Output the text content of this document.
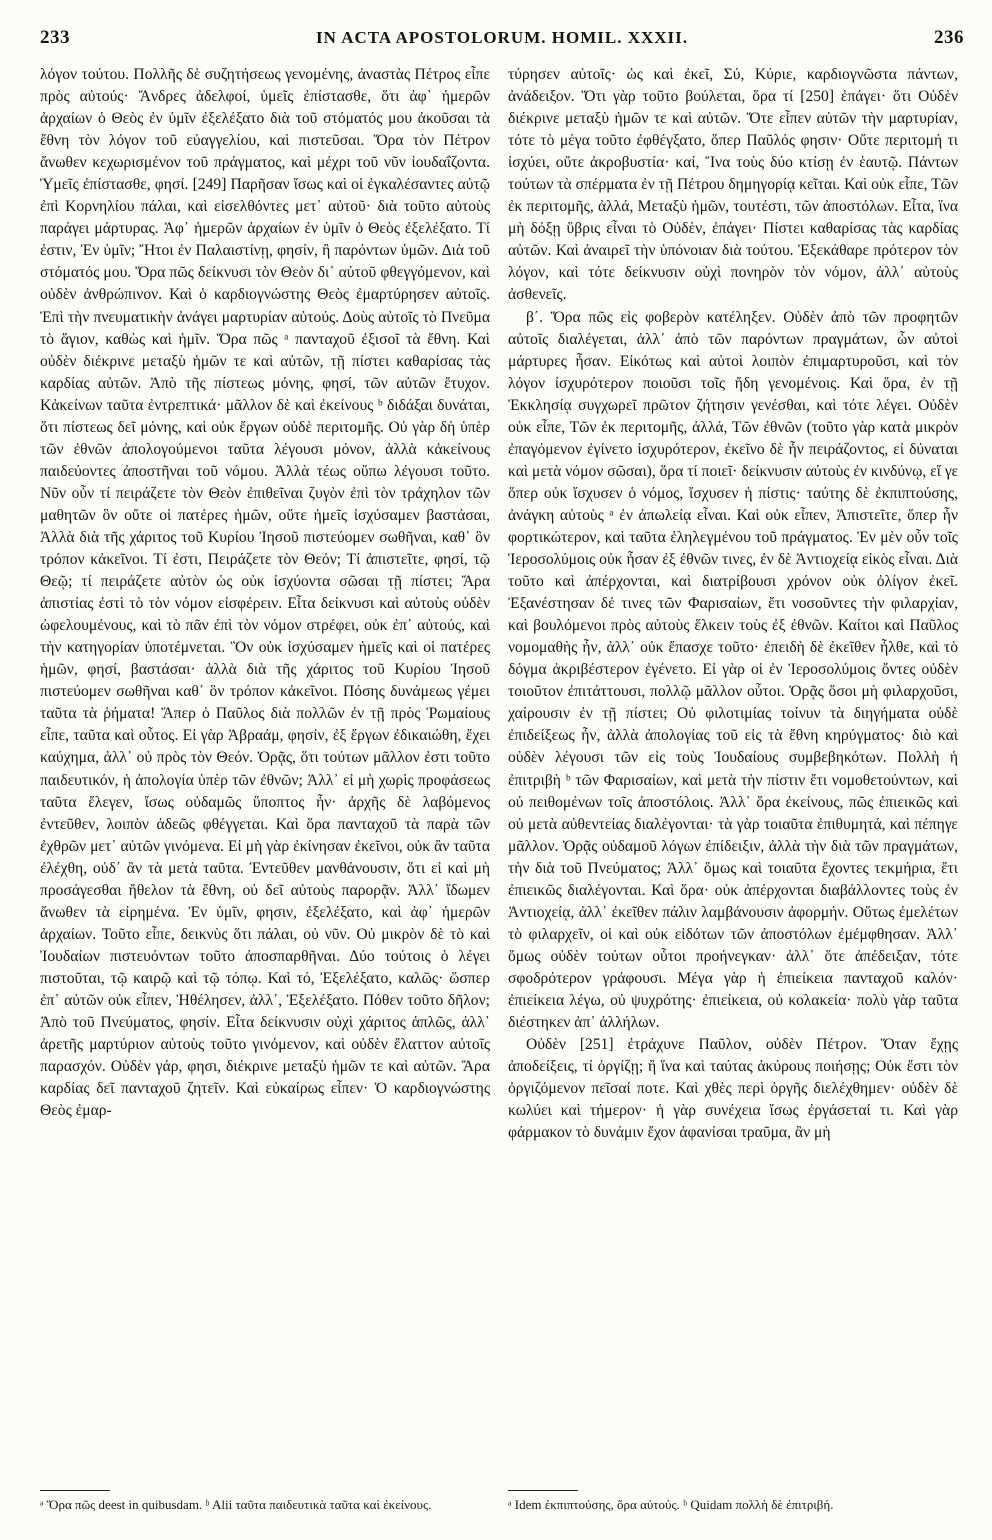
233	IN ACTA APOSTOLORUM. HOMIL. XXXII.	236

λόγον τούτου. Πολλῆς δὲ συζητήσεως γενομένης, ἀναστὰς Πέτρος εἶπε πρὸς αὐτούς· Ἄνδρες ἀδελφοί, ὑμεῖς ἐπίστασθε, ὅτι ἀφ᾽ ἡμερῶν ἀρχαίων ὁ Θεὸς ἐν ὑμῖν ἐξελέξατο διὰ τοῦ στόματός μου ἀκοῦσαι τὰ ἔθνη τὸν λόγον τοῦ εὐαγγελίου, καὶ πιστεῦσαι. Ὅρα τὸν Πέτρον ἄνωθεν κεχωρισμένον τοῦ πράγματος, καὶ μέχρι τοῦ νῦν ἰουδαΐζοντα. Ὑμεῖς ἐπίστασθε, φησί. [249] Παρῆσαν ἴσως καὶ οἱ ἐγκαλέσαντες αὐτῷ ἐπὶ Κορνηλίου πάλαι, καὶ εἰσελθόντες μετ᾽ αὐτοῦ· διὰ τοῦτο αὐτοὺς παράγει μάρτυρας. Ἀφ᾽ ἡμερῶν ἀρχαίων ἐν ὑμῖν ὁ Θεὸς ἐξελέξατο. Τί ἐστιν, Ἐν ὑμῖν; Ἤτοι ἐν Παλαιστίνῃ, φησίν, ἢ παρόντων ὑμῶν. Διὰ τοῦ στόματός μου. Ὅρα πῶς δείκνυσι τὸν Θεὸν δι᾽ αὐτοῦ φθεγγόμενον, καὶ οὐδὲν ἀνθρώπινον. Καὶ ὁ καρδιογνώστης Θεὸς ἐμαρτύρησεν αὐτοῖς. Ἐπὶ τὴν πνευματικὴν ἀνάγει μαρτυρίαν αὐτούς. Δοὺς αὐτοῖς τὸ Πνεῦμα τὸ ἅγιον, καθὼς καὶ ἡμῖν. Ὅρα πῶς ᵃ πανταχοῦ ἐξισοῖ τὰ ἔθνη. Καὶ οὐδὲν διέκρινε μεταξὺ ἡμῶν τε καὶ αὐτῶν, τῇ πίστει καθαρίσας τὰς καρδίας αὐτῶν. Ἀπὸ τῆς πίστεως μόνης, φησί, τῶν αὐτῶν ἔτυχον. Κἀκείνων ταῦτα ἐντρεπτικά· μᾶλλον δὲ καὶ ἐκείνους ᵇ διδάξαι δυνάται, ὅτι πίστεως δεῖ μόνης, καὶ οὐκ ἔργων οὐδὲ περιτομῆς. Οὐ γὰρ δὴ ὑπὲρ τῶν ἐθνῶν ἀπολογούμενοι ταῦτα λέγουσι μόνον, ἀλλὰ κἀκείνους παιδεύοντες ἀποστῆναι τοῦ νόμου. Ἀλλὰ τέως οὕπω λέγουσι τοῦτο. Νῦν οὖν τί πειράζετε τὸν Θεὸν ἐπιθεῖναι ζυγὸν ἐπὶ τὸν τράχηλον τῶν μαθητῶν ὃν οὔτε οἱ πατέρες ἡμῶν, οὔτε ἡμεῖς ἰσχύσαμεν βαστάσαι, Ἀλλὰ διὰ τῆς χάριτος τοῦ Κυρίου Ἰησοῦ πιστεύομεν σωθῆναι, καθ᾽ ὃν τρόπον κἀκεῖνοι. Τί ἐστι, Πειράζετε τὸν Θεόν; Τί ἀπιστεῖτε, φησί, τῷ Θεῷ; τί πειράζετε αὐτὸν ὡς οὐκ ἰσχύοντα σῶσαι τῇ πίστει; Ἄρα ἀπιστίας ἐστὶ τὸ τὸν νόμον εἰσφέρειν. Εἶτα δείκνυσι καὶ αὐτοὺς οὐδὲν ὠφελουμένους, καὶ τὸ πᾶν ἐπὶ τὸν νόμον στρέφει, οὐκ ἐπ᾽ αὐτούς, καὶ τὴν κατηγορίαν ὑποτέμνεται. Ὃν οὐκ ἰσχύσαμεν ἡμεῖς καὶ οἱ πατέρες ἡμῶν, φησί, βαστάσαι· ἀλλὰ διὰ τῆς χάριτος τοῦ Κυρίου Ἰησοῦ πιστεύομεν σωθῆναι καθ᾽ ὃν τρόπον κἀκεῖνοι. Πόσης δυνάμεως γέμει ταῦτα τὰ ῥήματα! Ἅπερ ὁ Παῦλος διὰ πολλῶν ἐν τῇ πρὸς Ῥωμαίους εἶπε, ταῦτα καὶ οὗτος. Εἰ γὰρ Ἀβραάμ, φησίν, ἐξ ἔργων ἐδικαιώθη, ἔχει καύχημα, ἀλλ᾽ οὐ πρὸς τὸν Θεόν. Ὁρᾷς, ὅτι τούτων μᾶλλον ἐστι τοῦτο παιδευτικόν, ἡ ἀπολογία ὑπὲρ τῶν ἐθνῶν; Ἀλλ᾽ εἰ μὴ χωρὶς προφάσεως ταῦτα ἔλεγεν, ἴσως οὐδαμῶς ὕποπτος ἦν· ἀρχῆς δὲ λαβόμενος ἐντεῦθεν, λοιπὸν ἀδεῶς φθέγγεται. Καὶ ὅρα πανταχοῦ τὰ παρὰ τῶν ἐχθρῶν μετ᾽ αὐτῶν γινόμενα. Εἰ μὴ γὰρ ἐκίνησαν ἐκεῖνοι, οὐκ ἂν ταῦτα ἐλέχθη, οὐδ᾽ ἂν τὰ μετὰ ταῦτα. Ἐντεῦθεν μανθάνουσιν, ὅτι εἰ καὶ μὴ προσάγεσθαι ἤθελον τὰ ἔθνη, οὐ δεῖ αὐτοὺς παρορᾷν. Ἀλλ᾽ ἴδωμεν ἄνωθεν τὰ εἰρημένα. Ἐν ὑμῖν, φησιν, ἐξελέξατο, καὶ ἀφ᾽ ἡμερῶν ἀρχαίων. Τοῦτο εἶπε, δεικνὺς ὅτι πάλαι, οὐ νῦν. Οὐ μικρὸν δὲ τὸ καὶ Ἰουδαίων πιστευόντων τοῦτο ἀποσπαρθῆναι. Δύο τούτοις ὁ λέγει πιστοῦται, τῷ καιρῷ καὶ τῷ τόπῳ. Καὶ τό, Ἐξελέξατο, καλῶς· ὥσπερ ἐπ᾽ αὐτῶν οὐκ εἶπεν, Ἠθέλησεν, ἀλλ᾽, Ἐξελέξατο. Πόθεν τοῦτο δῆλον; Ἀπὸ τοῦ Πνεύματος, φησίν. Εἶτα δείκνυσιν οὐχὶ χάριτος ἁπλῶς, ἀλλ᾽ ἀρετῆς μαρτύριον αὐτοὺς τοῦτο γινόμενον, καὶ οὐδὲν ἔλαττον αὐτοῖς παρασχόν. Οὐδὲν γάρ, φησι, διέκρινε μεταξὺ ἡμῶν τε καὶ αὐτῶν. Ἄρα καρδίας δεῖ πανταχοῦ ζητεῖν. Καὶ εὐκαίρως εἶπεν· Ὁ καρδιογνώστης Θεὸς ἐμαρ-

τύρησεν αὐτοῖς· ὡς καὶ ἐκεῖ, Σύ, Κύριε, καρδιογνῶστα πάντων, ἀνάδειξον. Ὅτι γὰρ τοῦτο βούλεται, ὅρα τί [250] ἐπάγει· ὅτι Οὐδὲν διέκρινε μεταξὺ ἡμῶν τε καὶ αὐτῶν. Ὅτε εἶπεν αὐτῶν τὴν μαρτυρίαν, τότε τὸ μέγα τοῦτο ἐφθέγξατο, ὅπερ Παῦλός φησιν· Οὔτε περιτομή τι ἰσχύει, οὔτε ἀκροβυστία· καί, Ἵνα τοὺς δύο κτίσῃ ἐν ἑαυτῷ. Πάντων τούτων τὰ σπέρματα ἐν τῇ Πέτρου δημηγορίᾳ κεῖται. Καὶ οὐκ εἶπε, Τῶν ἐκ περιτομῆς, ἀλλά, Μεταξὺ ἡμῶν, τουτέστι, τῶν ἀποστόλων. Εἶτα, ἵνα μὴ δόξῃ ὕβρις εἶναι τὸ Οὐδὲν, ἐπάγει· Πίστει καθαρίσας τὰς καρδίας αὐτῶν. Καὶ ἀναιρεῖ τὴν ὑπόνοιαν διὰ τούτου. Ἐξεκάθαρε πρότερον τὸν λόγον, καὶ τότε δείκνυσιν οὐχὶ πονηρὸν τὸν νόμον, ἀλλ᾽ αὐτοὺς ἀσθενεῖς.

β΄. Ὅρα πῶς εἰς φοβερὸν κατέληξεν. Οὐδὲν ἀπὸ τῶν προφητῶν αὐτοῖς διαλέγεται, ἀλλ᾽ ἀπὸ τῶν παρόντων πραγμάτων, ὧν αὐτοὶ μάρτυρες ἦσαν. Εἰκότως καὶ αὐτοὶ λοιπὸν ἐπιμαρτυροῦσι, καὶ τὸν λόγον ἰσχυρότερον ποιοῦσι τοῖς ἤδη γενομένοις. Καὶ ὅρα, ἐν τῇ Ἐκκλησίᾳ συγχωρεῖ πρῶτον ζήτησιν γενέσθαι, καὶ τότε λέγει. Οὐδὲν οὐκ εἶπε, Τῶν ἐκ περιτομῆς, ἀλλά, Τῶν ἐθνῶν (τοῦτο γὰρ κατὰ μικρὸν ἐπαγόμενον ἐγίνετο ἰσχυρότερον, ἐκεῖνο δὲ ἦν πειράζοντος, εἰ δύναται καὶ μετὰ νόμον σῶσαι), ὅρα τί ποιεῖ· δείκνυσιν αὐτοὺς ἐν κινδύνῳ, εἴ γε ὅπερ οὐκ ἴσχυσεν ὁ νόμος, ἴσχυσεν ἡ πίστις· ταύτης δὲ ἐκπιπτούσης, ἀνάγκη αὐτοὺς ᵃ ἐν ἀπωλείᾳ εἶναι. Καὶ οὐκ εἶπεν, Ἀπιστεῖτε, ὅπερ ἦν φορτικώτερον, καὶ ταῦτα ἐληλεγμένου τοῦ πράγματος. Ἐν μὲν οὖν τοῖς Ἱεροσολύμοις οὐκ ἦσαν ἐξ ἐθνῶν τινες, ἐν δὲ Ἀντιοχείᾳ εἰκὸς εἶναι. Διὰ τοῦτο καὶ ἀπέρχονται, καὶ διατρίβουσι χρόνον οὐκ ὀλίγον ἐκεῖ. Ἐξανέστησαν δέ τινες τῶν Φαρισαίων, ἔτι νοσοῦντες τὴν φιλαρχίαν, καὶ βουλόμενοι πρὸς αὐτοὺς ἕλκειν τοὺς ἐξ ἐθνῶν. Καίτοι καὶ Παῦλος νομομαθὴς ἦν, ἀλλ᾽ οὐκ ἔπασχε τοῦτο· ἐπειδὴ δὲ ἐκεῖθεν ἦλθε, καὶ τὸ δόγμα ἀκριβέστερον ἐγένετο. Εἰ γὰρ οἱ ἐν Ἱεροσολύμοις ὄντες οὐδὲν τοιοῦτον ἐπιτάττουσι, πολλῷ μᾶλλον οὗτοι. Ὁρᾷς ὅσοι μὴ φιλαρχοῦσι, χαίρουσιν ἐν τῇ πίστει; Οὐ φιλοτιμίας τοίνυν τὰ διηγήματα οὐδὲ ἐπιδείξεως ἦν, ἀλλὰ ἀπολογίας τοῦ εἰς τὰ ἔθνη κηρύγματος· διὸ καὶ οὐδὲν λέγουσι τῶν εἰς τοὺς Ἰουδαίους συμβεβηκότων. Πολλὴ ἡ ἐπιτριβὴ ᵇ τῶν Φαρισαίων, καὶ μετὰ τὴν πίστιν ἔτι νομοθετούντων, καὶ οὐ πειθομένων τοῖς ἀποστόλοις. Ἀλλ᾽ ὅρα ἐκείνους, πῶς ἐπιεικῶς καὶ οὐ μετὰ αὐθεντείας διαλέγονται· τὰ γὰρ τοιαῦτα ἐπιθυμητά, καὶ πέπηγε μᾶλλον. Ὁρᾷς οὐδαμοῦ λόγων ἐπίδειξιν, ἀλλὰ τὴν διὰ τῶν πραγμάτων, τὴν διὰ τοῦ Πνεύματος; Ἀλλ᾽ ὅμως καὶ τοιαῦτα ἔχοντες τεκμήρια, ἔτι ἐπιεικῶς διαλέγονται. Καὶ ὅρα· οὐκ ἀπέρχονται διαβάλλοντες τοὺς ἐν Ἀντιοχείᾳ, ἀλλ᾽ ἐκεῖθεν πάλιν λαμβάνουσιν ἀφορμήν. Οὕτως ἐμελέτων τὸ φιλαρχεῖν, οἱ καὶ οὐκ εἰδότων τῶν ἀποστόλων ἐμέμφθησαν. Ἀλλ᾽ ὅμως οὐδὲν τούτων οὗτοι προήνεγκαν· ἀλλ᾽ ὅτε ἀπέδειξαν, τότε σφοδρότερον γράφουσι. Μέγα γὰρ ἡ ἐπιείκεια πανταχοῦ καλόν· ἐπιείκεια λέγω, οὐ ψυχρότης· ἐπιείκεια, οὐ κολακεία· πολὺ γὰρ ταῦτα διέστηκεν ἀπ᾽ ἀλλήλων.

Οὐδὲν [251] ἐτράχυνε Παῦλον, οὐδὲν Πέτρον. Ὅταν ἔχῃς ἀποδείξεις, τί ὀργίζῃ; ἢ ἵνα καὶ ταύτας ἀκύρους ποιήσῃς; Οὐκ ἔστι τὸν ὀργιζόμενον πεῖσαί ποτε. Καὶ χθὲς περὶ ὀργῆς διελέχθημεν· οὐδὲν δὲ κωλύει καὶ τήμερον· ἡ γὰρ συνέχεια ἴσως ἐργάσεταί τι. Καὶ γὰρ φάρμακον τὸ δυνάμιν ἔχον ἀφανίσαι τραῦμα, ἂν μὴ

ᵃ Ὅρα πῶς deest in quibusdam. ᵇ Alii ταῦτα παιδευτικὰ ταῦτα καὶ ἐκείνους.	ᵃ Idem ἐκπιπτούσης, ὅρα αὐτούς. ᵇ Quidam πολλὴ δὲ ἐπιτριβή.
